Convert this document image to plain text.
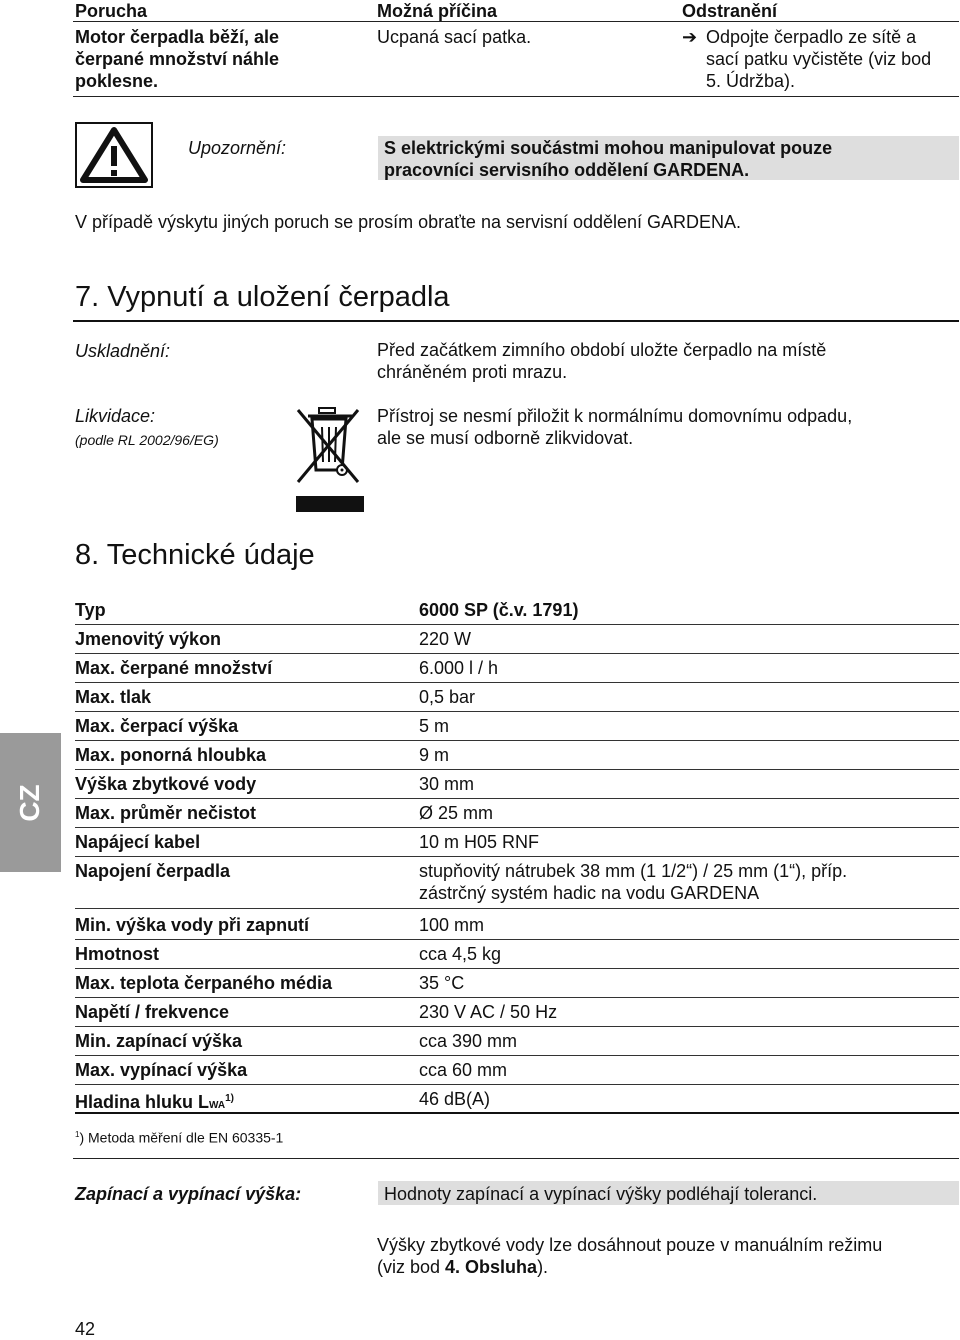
Porucha	Možná příčina	Odstranění
Motor čerpadla běží, ale
čerpané množství náhle
poklesne.
Ucpaná sací patka.	➔ Odpojte čerpadlo ze sítě a
sací patku vyčistěte (viz bod
5. Údržba).
Upozornění:	S elektrickými součástmi mohou manipulovat pouze
pracovníci servisního oddělení GARDENA.
V případě výskytu jiných poruch se prosím obraťte na servisní oddělení GARDENA.
7. Vypnutí a uložení čerpadla
Uskladnění:	Před začátkem zimního období uložte čerpadlo na místě
chráněném proti mrazu.
Likvidace:
(podle RL 2002/96/EG)
Přístroj se nesmí přiložit k normálnímu domovnímu odpadu,
ale se musí odborně zlikvidovat.
8. Technické údaje
Typ	6000 SP (č.v. 1791)
Jmenovitý výkon	220 W
Max. čerpané množství	6.000 l / h
Max. tlak	0,5 bar
Max. čerpací výška	5 m
Max. ponorná hloubka	9 m
Výška zbytkové vody	30 mm
Max. průměr nečistot	Ø 25 mm
Napájecí kabel	10 m H05 RNF
Napojení čerpadla	stupňovitý nátrubek 38 mm (1 1/2“) / 25 mm (1“), příp.
zástrčný systém hadic na vodu GARDENA
Min. výška vody při zapnutí	100 mm
Hmotnost	cca 4,5 kg
Max. teplota čerpaného média	35 °C
Napětí / frekvence	230 V AC / 50 Hz
Min. zapínací výška	cca 390 mm
Max. vypínací výška	cca 60 mm
Hladina hluku LWA$^{1)}$	46 dB(A)
$^1$) Metoda měření dle EN 60335-1
Zapínací a vypínací výška:	Hodnoty zapínací a vypínací výšky podléhají toleranci.
Výšky zbytkové vody lze dosáhnout pouze v manuálním režimu
(viz bod 4. Obsluha).
CZ
42
